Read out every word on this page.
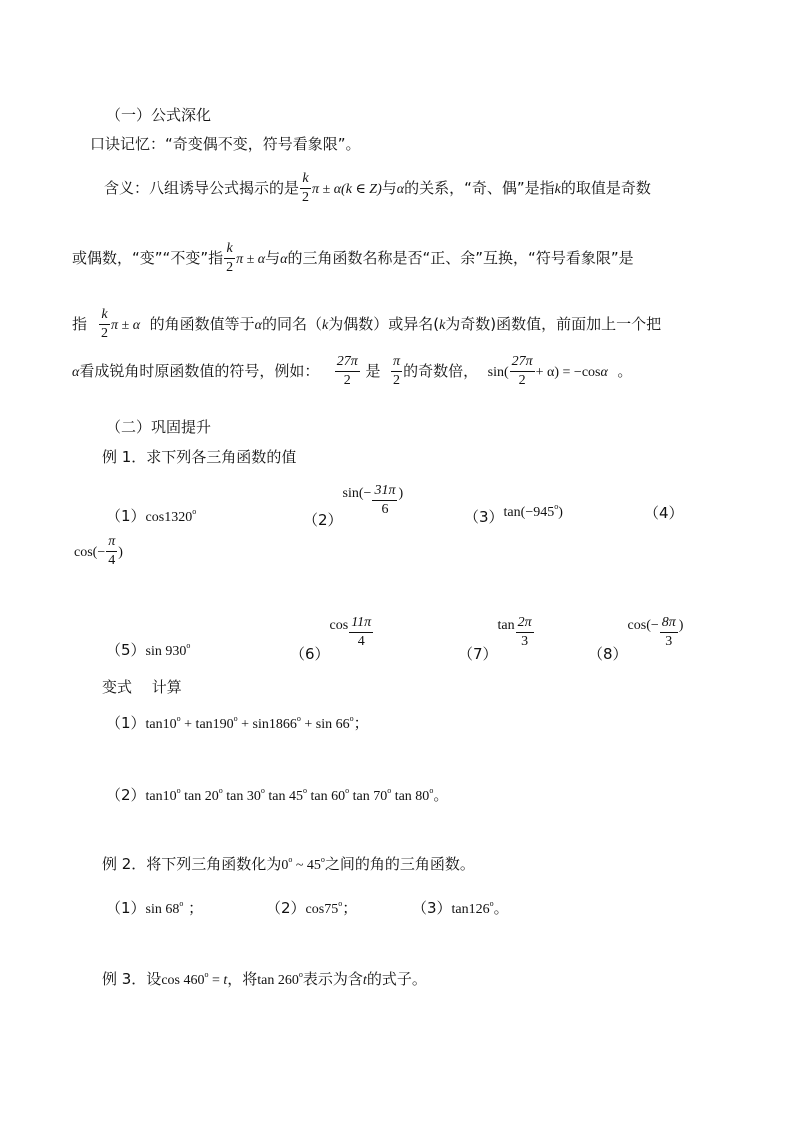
（一）公式深化
口诀记忆：“奇变偶不变，符号看象限”。
含义：八组诱导公式揭示的是 $\frac{k}{2}$ π ± α(k ∈ Z)与α的关系，“奇、偶”是指k的取值是奇数
或偶数，“变”“不变”指 $\frac{k}{2}$ π ± α与α的三角函数名称是否“正、余”互换，“符号看象限”是
指 $\frac{k}{2}$ π ± α 的角函数值等于α的同名（k为偶数）或异名(k为奇数)函数值，前面加上一个把
α看成锐角时原函数值的符号，例如： $\frac{27\pi}{2}$ 是 $\frac{\pi}{2}$ 的奇数倍， $\sin( \frac{27\pi}{2} + \alpha) = -\cos\alpha$ 。
（二）巩固提升
例 1．求下列各三角函数的值
（1）cos1320$^o$	$(2)\sin(- \frac{31\pi}{6}$ )
$(3)\tan(-945^o)$	（4）
$\cos(- \frac{\pi}{4}$ )
（5）sin 930$^o$	$(6)\cos \frac{11\pi}{4}$
$(7)\tan \frac{2\pi}{3}$
$(8)\cos(- \frac{8\pi}{3}$ )
变式　 计算
$(1)\tan 10^o + \tan 190^o + \sin 1866^o + \sin 66^o$；
（2）tan10$^o$ tan 20$^o$ tan 30$^o$ tan 45$^o$ tan 60$^o$ tan 70$^o$ tan 80$^o$。
例 2．将下列三角函数化为0$^o$ ~ 45$^o$之间的角的三角函数。
（1）sin 68$^o$ ；	（2）cos75$^o$；	（3）tan126$^o$。
例 3．设$\cos 460^o = t$，将tan 260$^o$表示为含t的式子。
